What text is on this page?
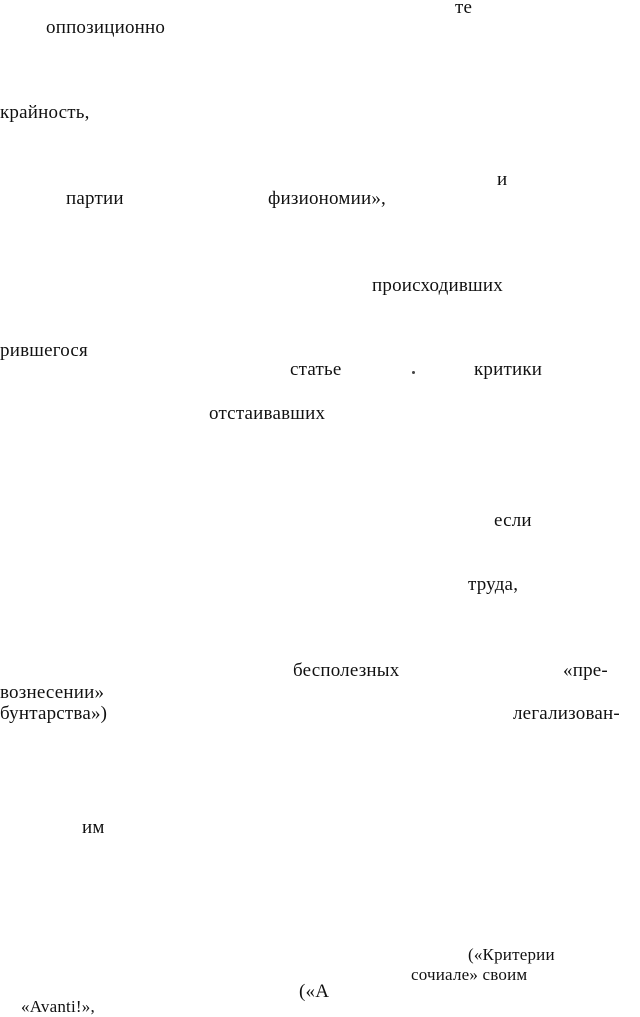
те
оппозиционно
крайность,
и
партии	физиономии»,
происходивших
рившегося
статье	критики
отстаивавших
если
труда,
бесполезных	«пре-
вознесении»
бунтарства»)	легализован-
им
(«Критерии
сочиале» своим
(«А
«Avanti!»,
